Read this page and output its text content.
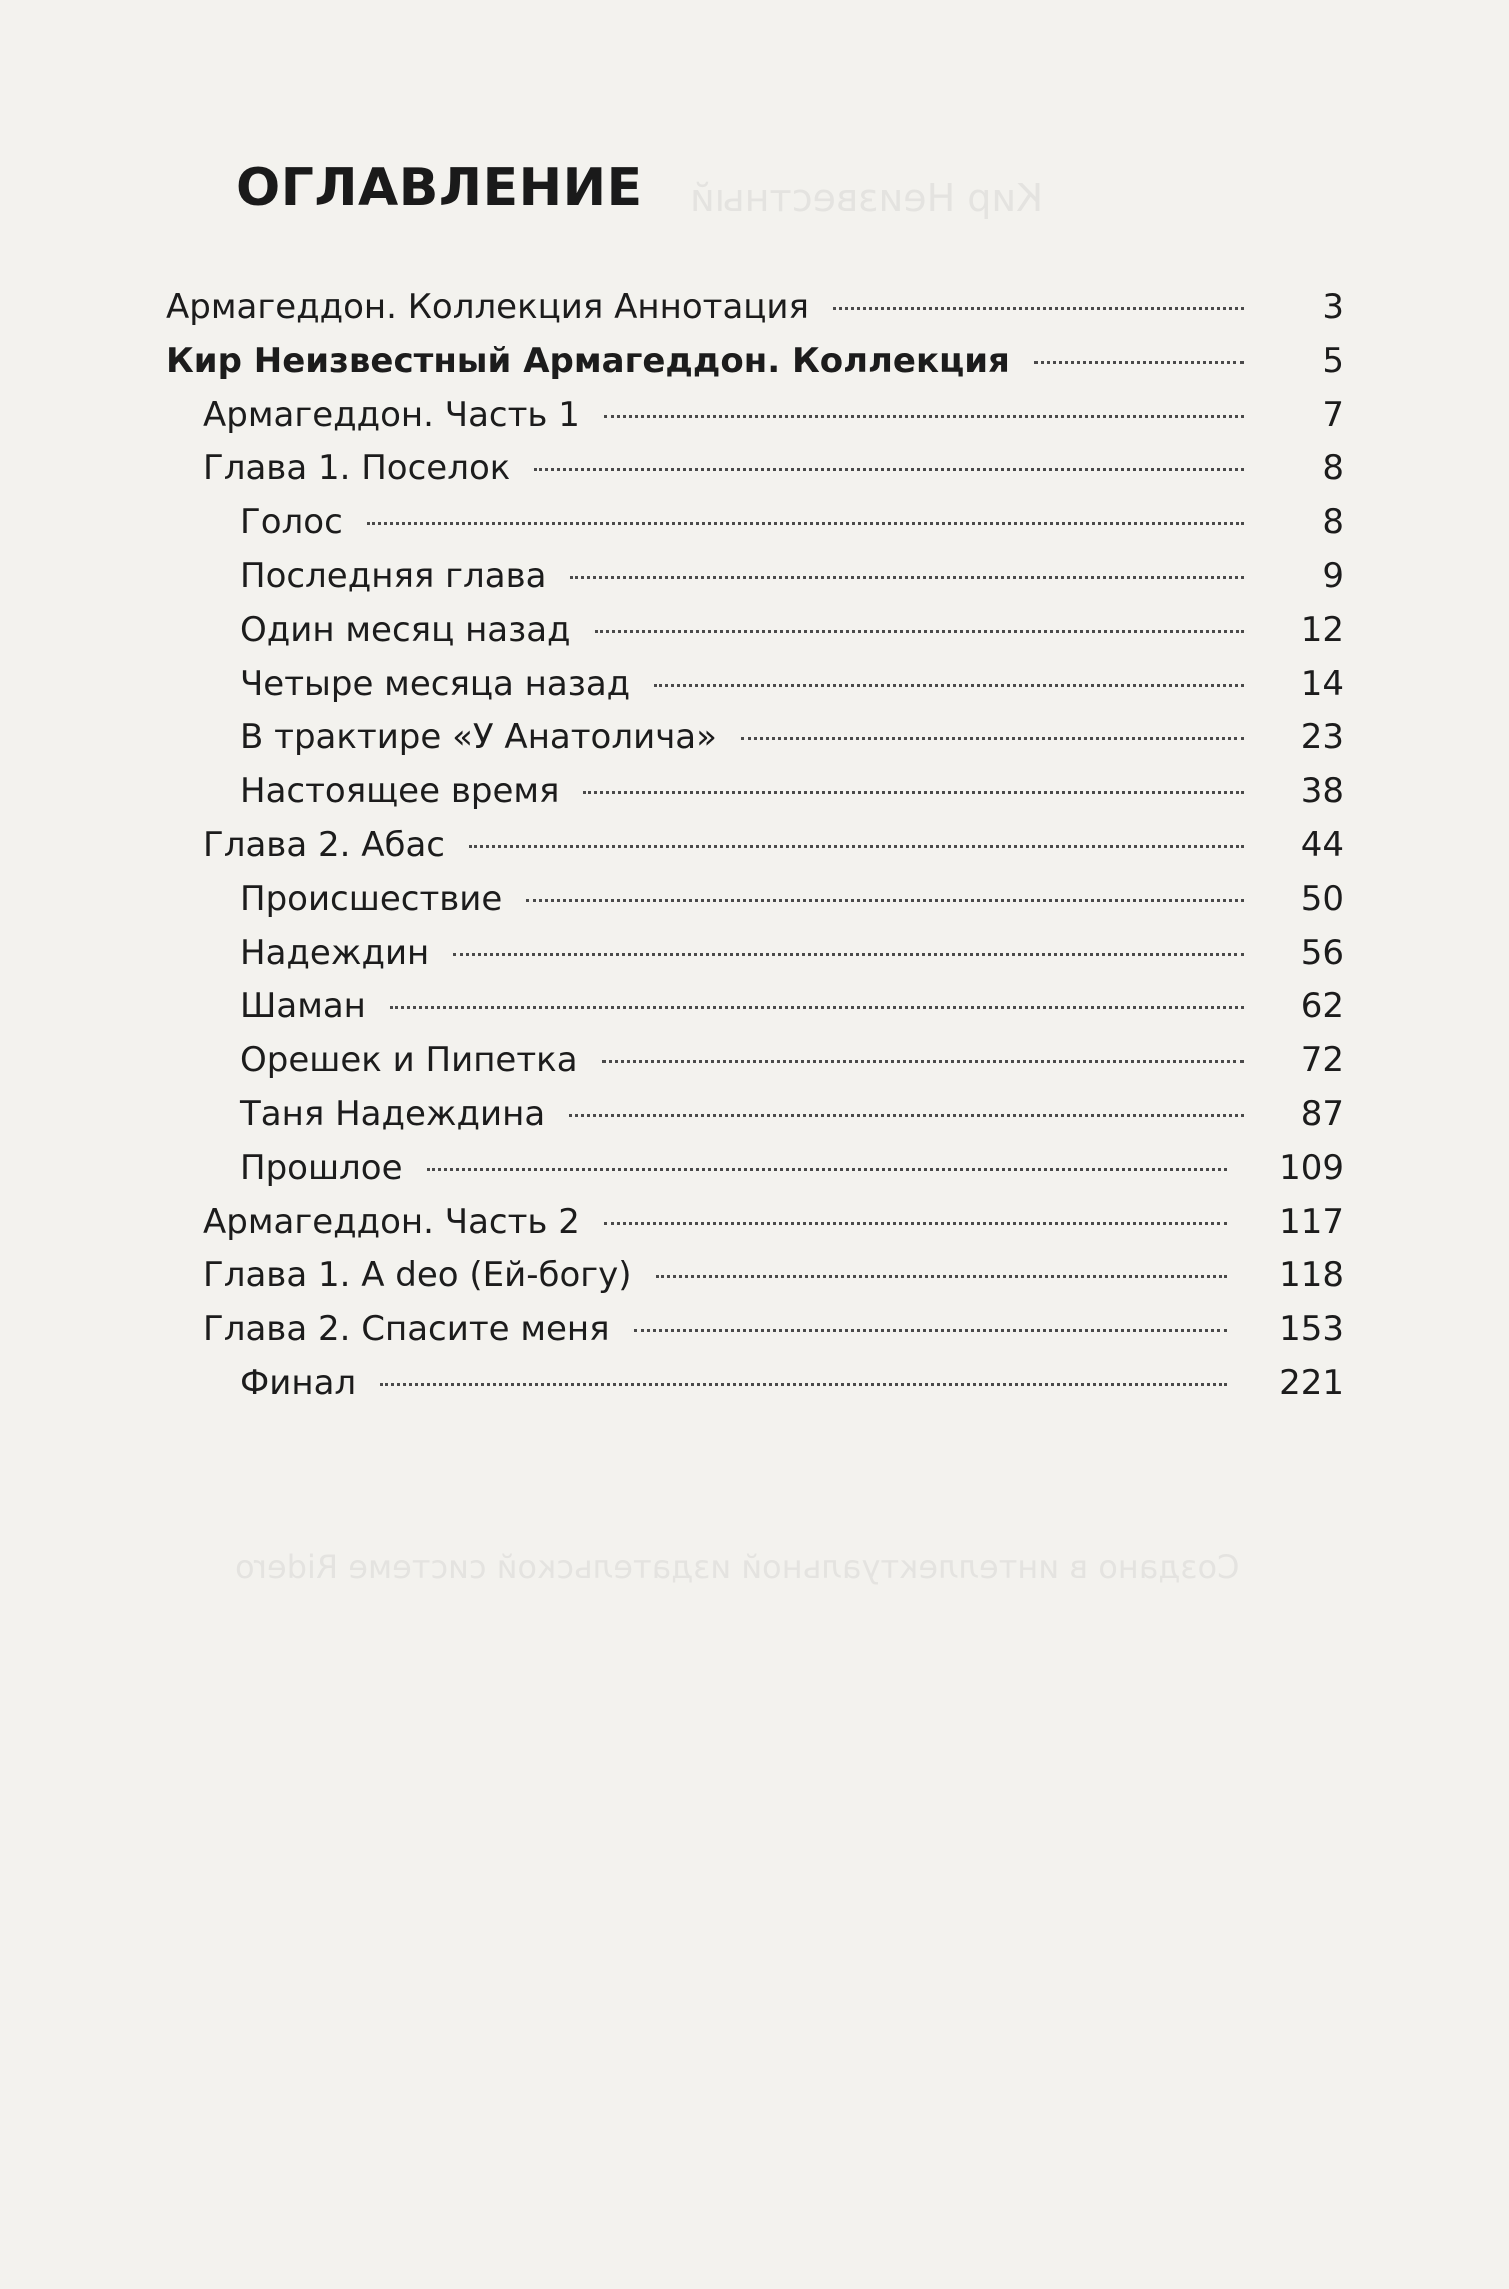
Кир Неизвестный
Создано в интеллектуальной издательской системе Ridero
ОГЛАВЛЕНИЕ
Армагеддон. Коллекция Аннотация	3
Кир Неизвестный Армагеддон. Коллекция	5
Армагеддон. Часть 1	7
Глава 1. Поселок	8
Голос	8
Последняя глава	9
Один месяц назад	12
Четыре месяца назад	14
В трактире «У Анатолича»	23
Настоящее время	38
Глава 2. Абас	44
Происшествие	50
Надеждин	56
Шаман	62
Орешек и Пипетка	72
Таня Надеждина	87
Прошлое	109
Армагеддон. Часть 2	117
Глава 1. A deo (Ей-богу)	118
Глава 2. Спасите меня	153
Финал	221
